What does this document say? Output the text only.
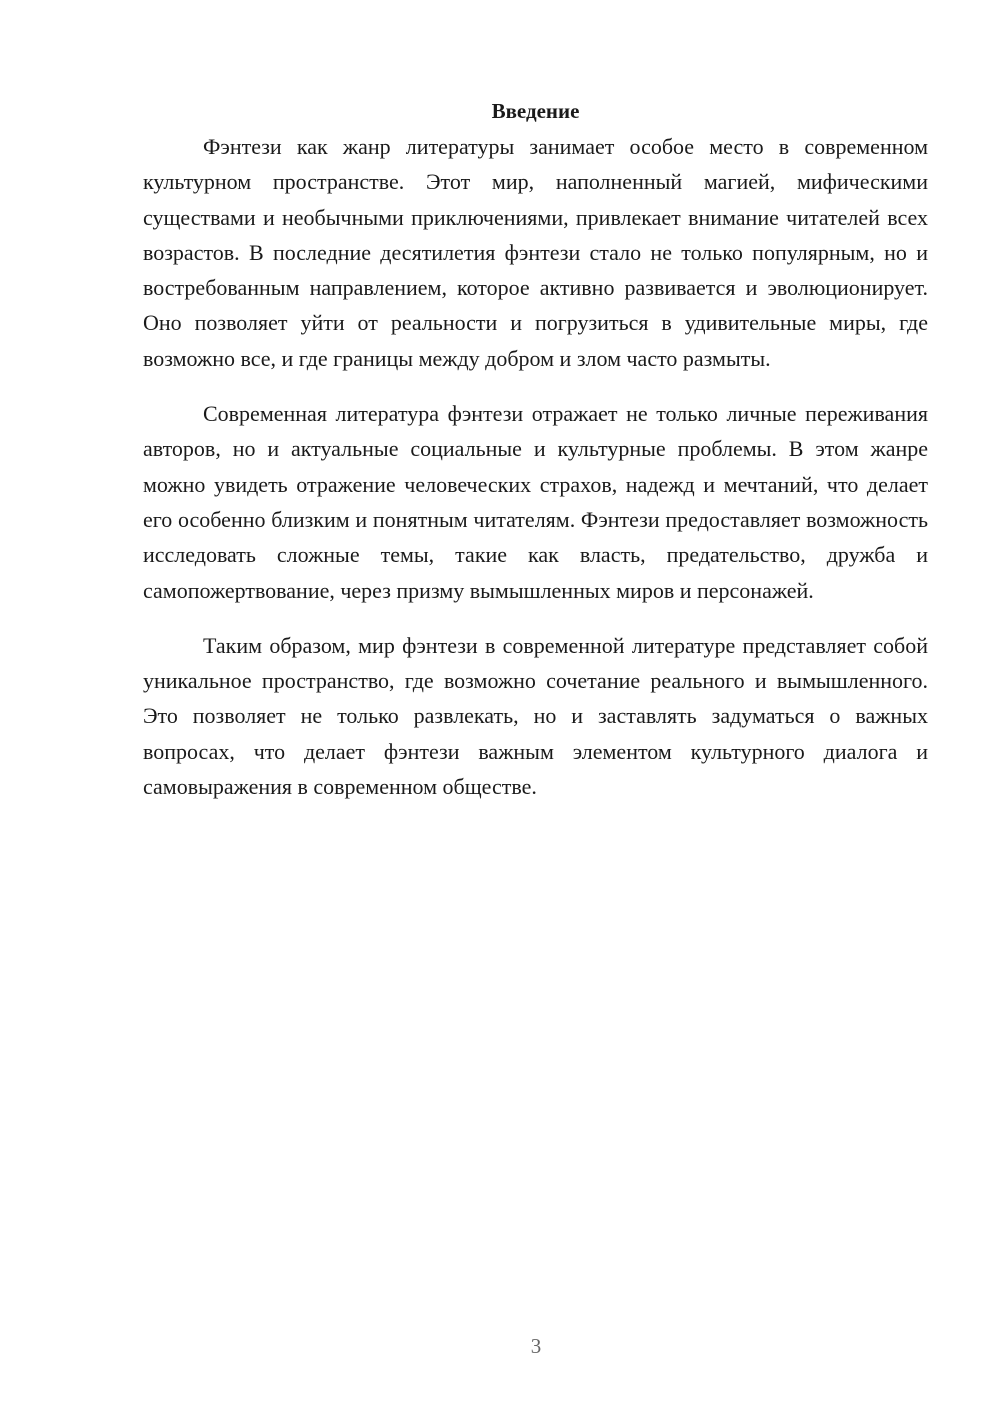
Введение

Фэнтези как жанр литературы занимает особое место в современном культурном пространстве. Этот мир, наполненный магией, мифическими существами и необычными приключениями, привлекает внимание читателей всех возрастов. В последние десятилетия фэнтези стало не только популярным, но и востребованным направлением, которое активно развивается и эволюционирует. Оно позволяет уйти от реальности и погрузиться в удивительные миры, где возможно все, и где границы между добром и злом часто размыты.

Современная литература фэнтези отражает не только личные переживания авторов, но и актуальные социальные и культурные проблемы. В этом жанре можно увидеть отражение человеческих страхов, надежд и мечтаний, что делает его особенно близким и понятным читателям. Фэнтези предоставляет возможность исследовать сложные темы, такие как власть, предательство, дружба и самопожертвование, через призму вымышленных миров и персонажей.

Таким образом, мир фэнтези в современной литературе представляет собой уникальное пространство, где возможно сочетание реального и вымышленного. Это позволяет не только развлекать, но и заставлять задуматься о важных вопросах, что делает фэнтези важным элементом культурного диалога и самовыражения в современном обществе.

3
